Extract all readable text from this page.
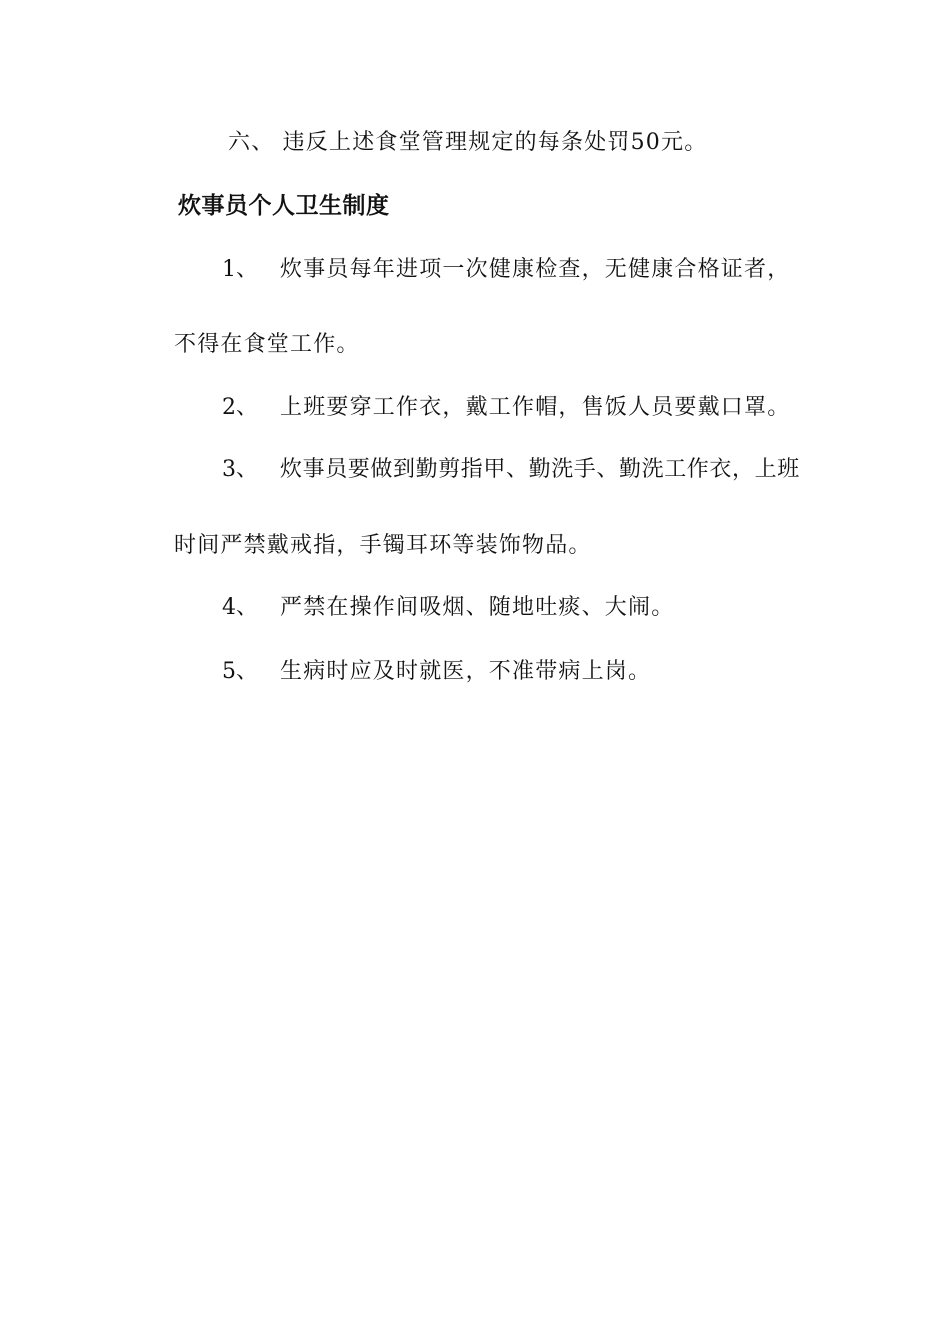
六、 违反上述食堂管理规定的每条处罚50元。
炊事员个人卫生制度
1、 炊事员每年进项一次健康检查，无健康合格证者，
不得在食堂工作。
2、 上班要穿工作衣，戴工作帽，售饭人员要戴口罩。
3、 炊事员要做到勤剪指甲、勤洗手、勤洗工作衣，上班
时间严禁戴戒指，手镯耳环等装饰物品。
4、 严禁在操作间吸烟、随地吐痰、大闹。
5、 生病时应及时就医，不准带病上岗。
